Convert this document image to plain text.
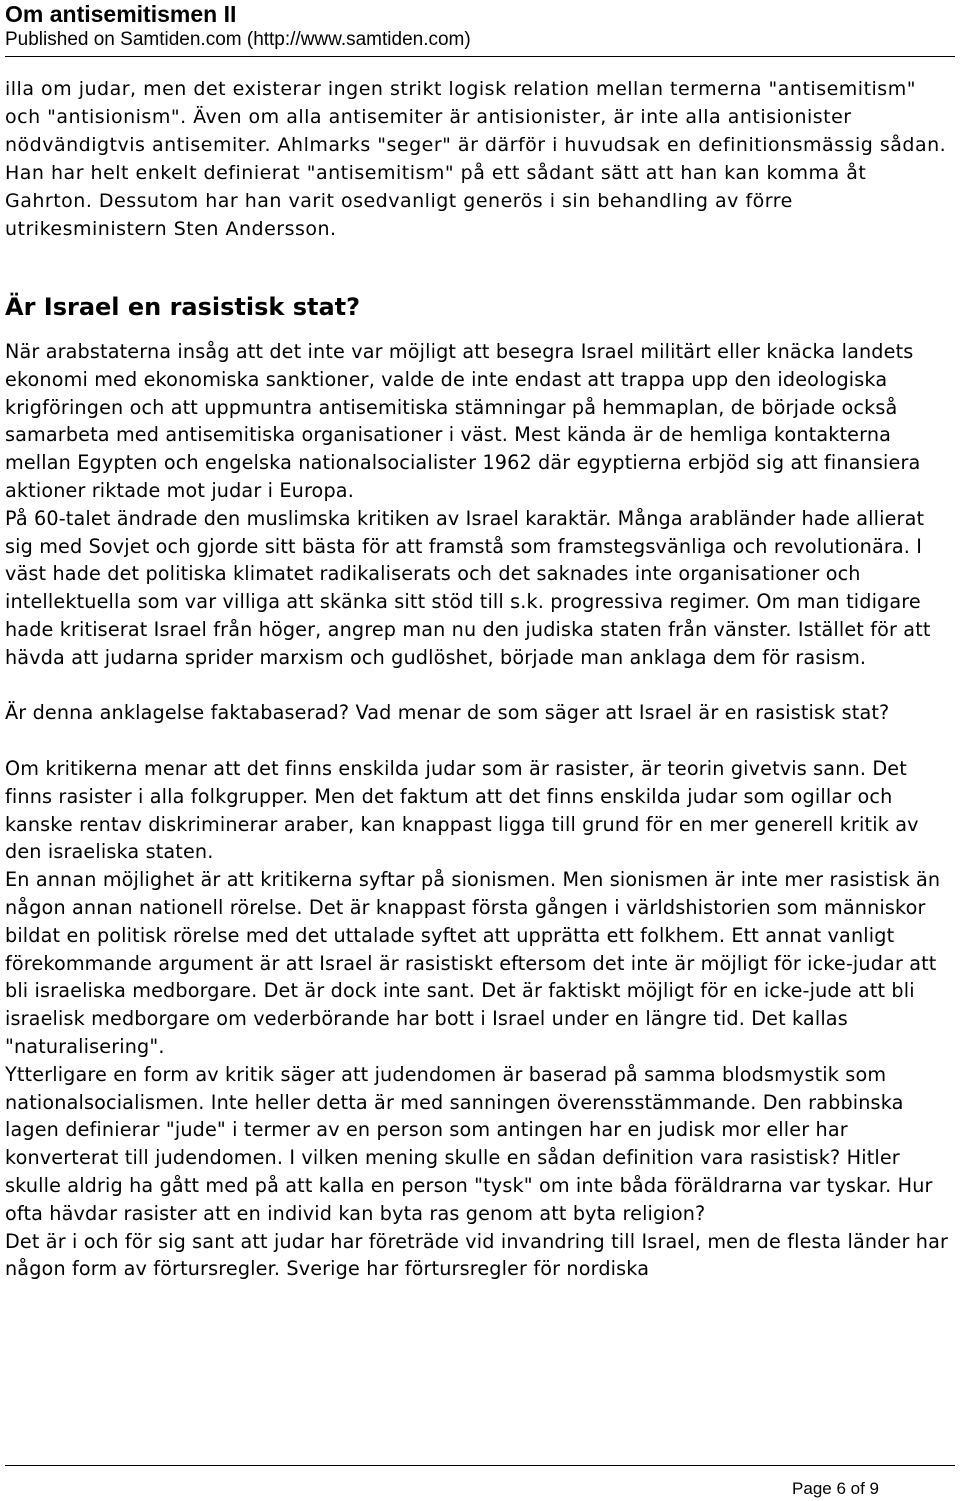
Om antisemitismen II

Published on Samtiden.com (http://www.samtiden.com)

illa om judar, men det existerar ingen strikt logisk relation mellan termerna "antisemitism" och "antisionism". Även om alla antisemiter är antisionister, är inte alla antisionister nödvändigtvis antisemiter. Ahlmarks "seger" är därför i huvudsak en definitionsmässig sådan. Han har helt enkelt definierat "antisemitism" på ett sådant sätt att han kan komma åt Gahrton. Dessutom har han varit osedvanligt generös i sin behandling av förre utrikesministern Sten Andersson.

Är Israel en rasistisk stat?

När arabstaterna insåg att det inte var möjligt att besegra Israel militärt eller knäcka landets ekonomi med ekonomiska sanktioner, valde de inte endast att trappa upp den ideologiska krigföringen och att uppmuntra antisemitiska stämningar på hemmaplan, de började också samarbeta med antisemitiska organisationer i väst. Mest kända är de hemliga kontakterna mellan Egypten och engelska nationalsocialister 1962 där egyptierna erbjöd sig att finansiera aktioner riktade mot judar i Europa.

På 60-talet ändrade den muslimska kritiken av Israel karaktär. Många arabländer hade allierat sig med Sovjet och gjorde sitt bästa för att framstå som framstegsvänliga och revolutionära. I väst hade det politiska klimatet radikaliserats och det saknades inte organisationer och intellektuella som var villiga att skänka sitt stöd till s.k. progressiva regimer. Om man tidigare hade kritiserat Israel från höger, angrep man nu den judiska staten från vänster. Istället för att hävda att judarna sprider marxism och gudlöshet, började man anklaga dem för rasism.

Är denna anklagelse faktabaserad? Vad menar de som säger att Israel är en rasistisk stat?

Om kritikerna menar att det finns enskilda judar som är rasister, är teorin givetvis sann. Det finns rasister i alla folkgrupper. Men det faktum att det finns enskilda judar som ogillar och kanske rentav diskriminerar araber, kan knappast ligga till grund för en mer generell kritik av den israeliska staten.

En annan möjlighet är att kritikerna syftar på sionismen. Men sionismen är inte mer rasistisk än någon annan nationell rörelse. Det är knappast första gången i världshistorien som människor bildat en politisk rörelse med det uttalade syftet att upprätta ett folkhem. Ett annat vanligt förekommande argument är att Israel är rasistiskt eftersom det inte är möjligt för icke-judar att bli israeliska medborgare. Det är dock inte sant. Det är faktiskt möjligt för en icke-jude att bli israelisk medborgare om vederbörande har bott i Israel under en längre tid. Det kallas "naturalisering".

Ytterligare en form av kritik säger att judendomen är baserad på samma blodsmystik som nationalsocialismen. Inte heller detta är med sanningen överensstämmande. Den rabbinska lagen definierar "jude" i termer av en person som antingen har en judisk mor eller har konverterat till judendomen. I vilken mening skulle en sådan definition vara rasistisk? Hitler skulle aldrig ha gått med på att kalla en person "tysk" om inte båda föräldrarna var tyskar. Hur ofta hävdar rasister att en individ kan byta ras genom att byta religion?

Det är i och för sig sant att judar har företräde vid invandring till Israel, men de flesta länder har någon form av förtursregler. Sverige har förtursregler för nordiska

Page 6 of 9
